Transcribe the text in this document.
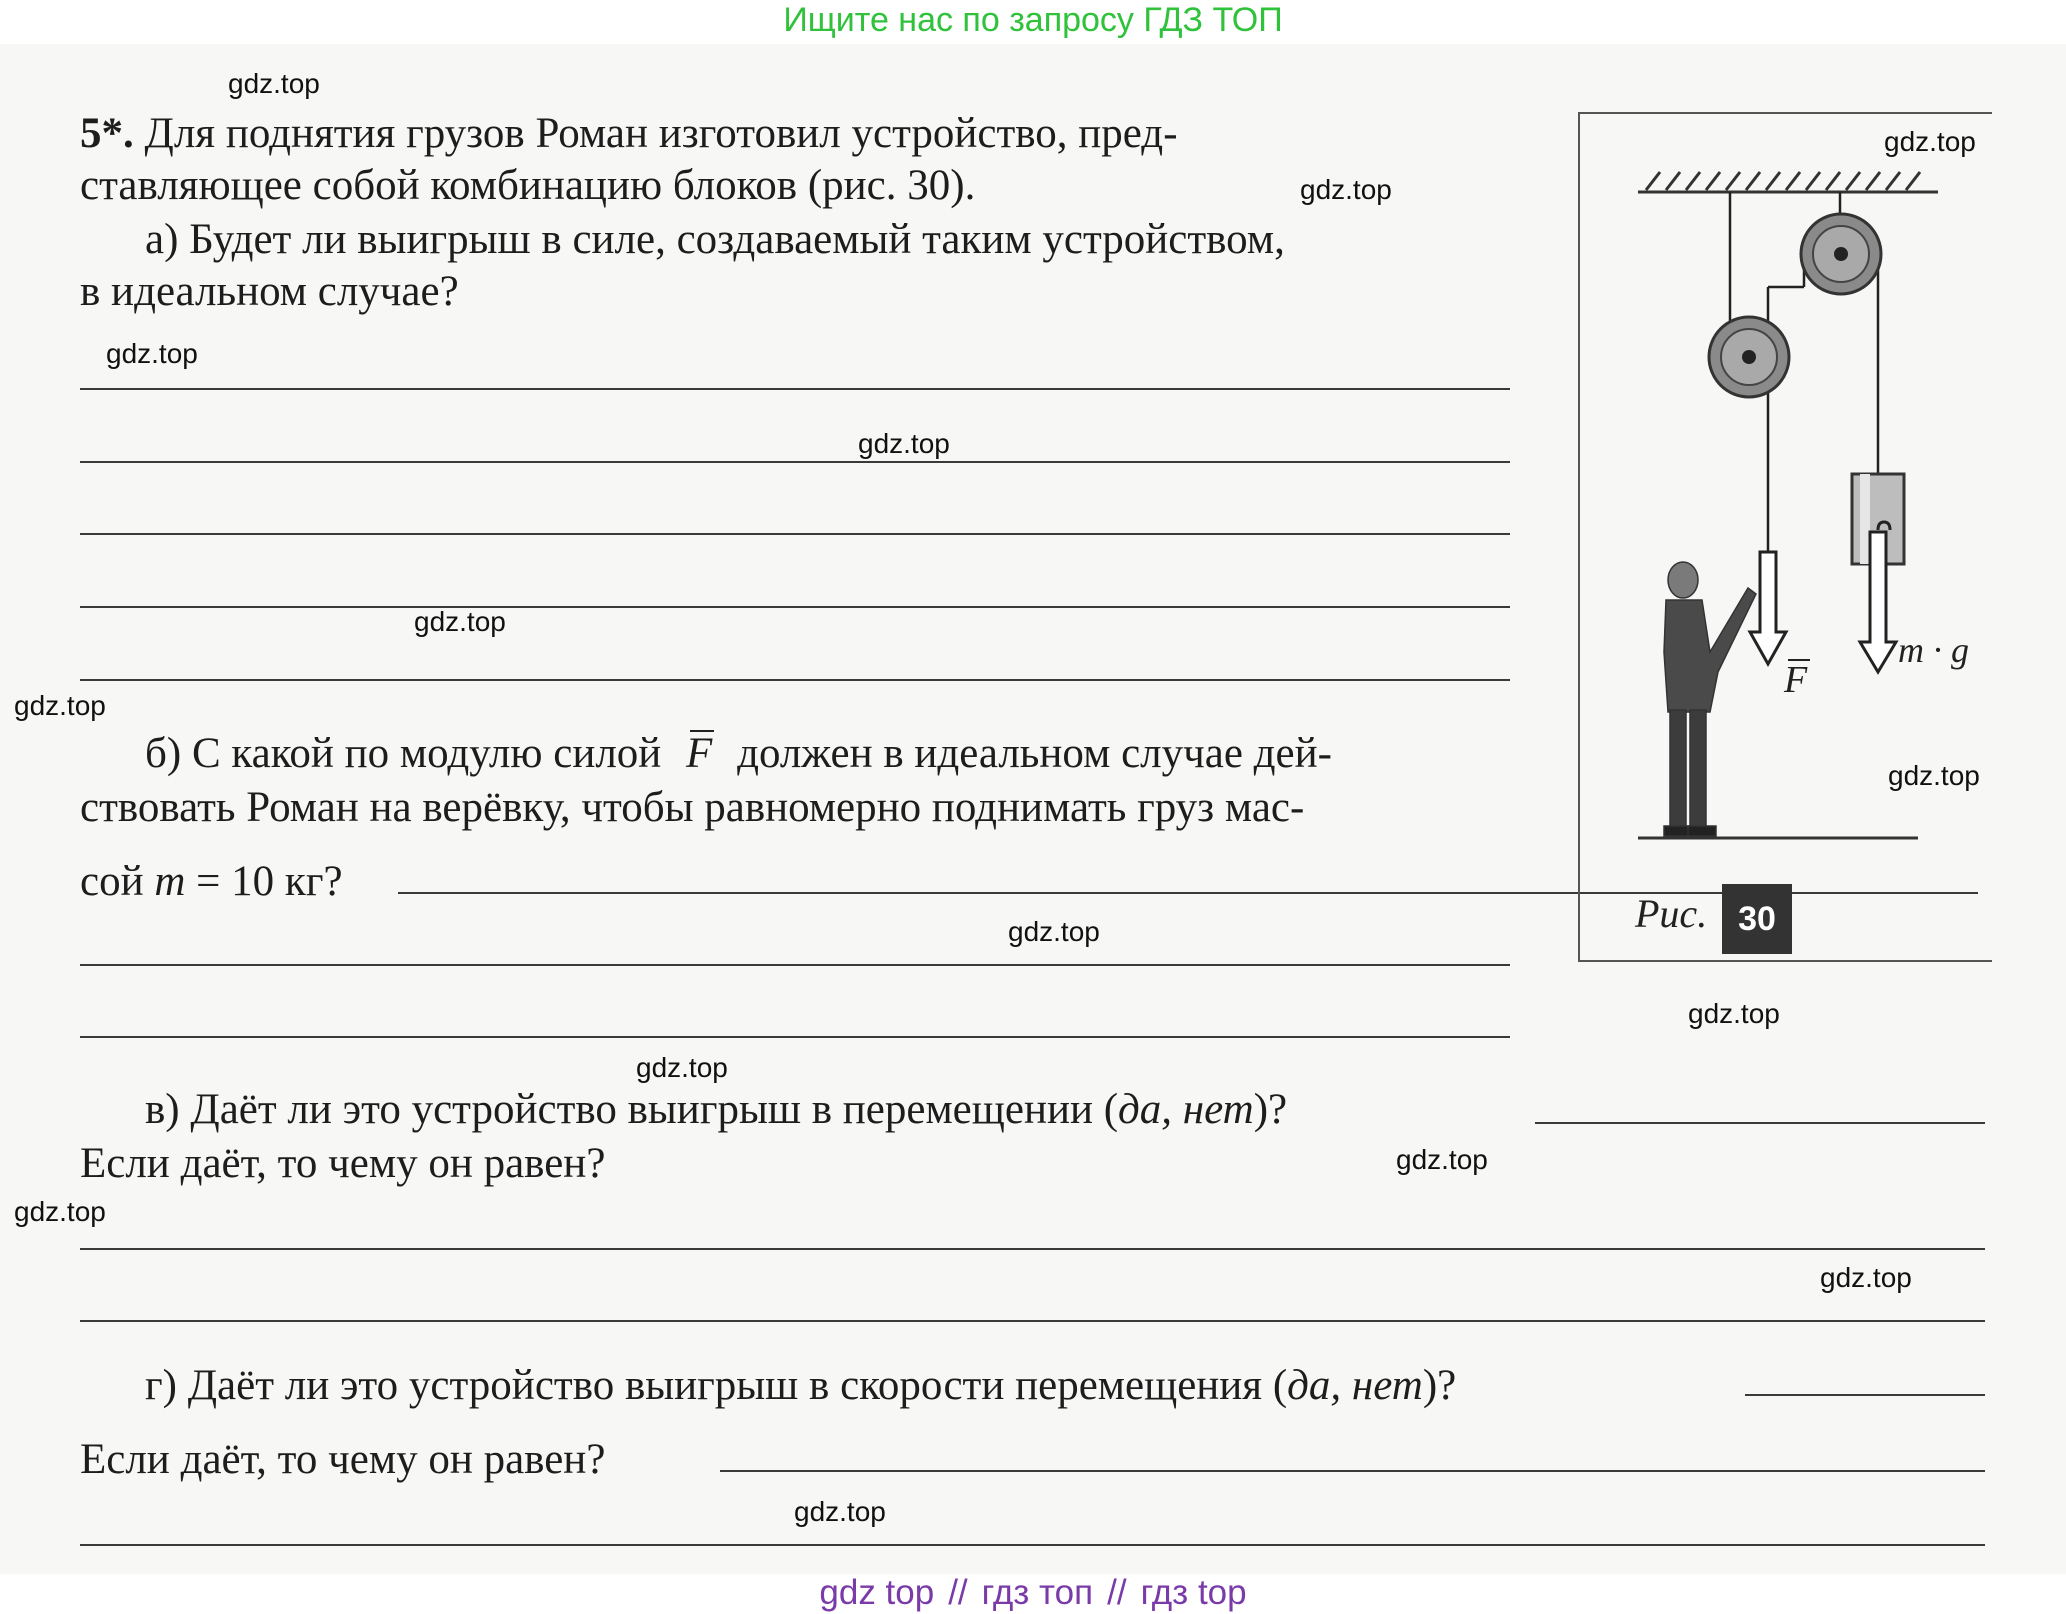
Ищите нас по запросу ГДЗ ТОП
5*. Для поднятия грузов Роман изготовил устройство, пред-
ставляющее собой комбинацию блоков (рис. 30).
а) Будет ли выигрыш в силе, создаваемый таким устройством,
в идеальном случае?
б) С какой по модулю силой F должен в идеальном случае дей-
ствовать Роман на верёвку, чтобы равномерно поднимать груз мас-
сой m = 10 кг?
в) Даёт ли это устройство выигрыш в перемещении (да, нет)?
Если даёт, то чему он равен?
г) Даёт ли это устройство выигрыш в скорости перемещения (да, нет)?
Если даёт, то чему он равен?
F
m · g
Рис. 30
gdz.top
gdz.top
gdz.top
gdz.top
gdz.top
gdz.top
gdz.top
gdz.top
gdz.top
gdz.top
gdz.top
gdz.top
gdz.top
gdz.top
gdz.top
gdz top // гдз топ // гдз top
